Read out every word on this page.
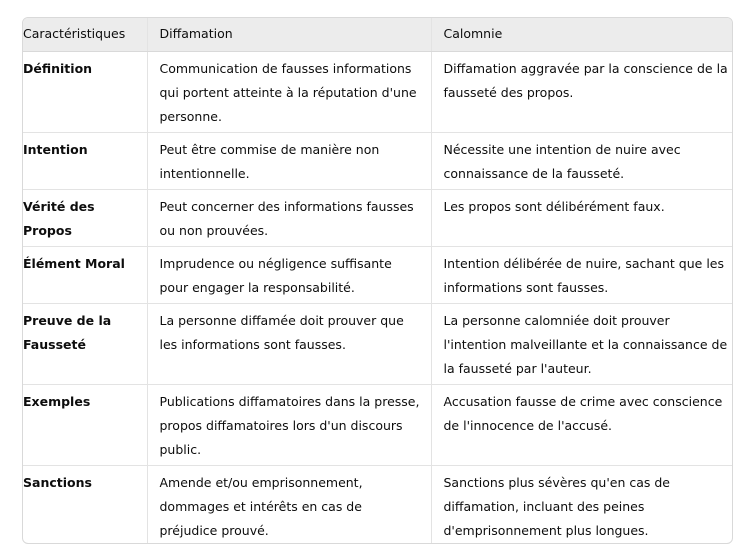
Caractéristiques	Diffamation	Calomnie

Définition	Communication de fausses informations qui portent atteinte à la réputation d'une personne.	Diffamation aggravée par la conscience de la fausseté des propos.

Intention	Peut être commise de manière non intentionnelle.	Nécessite une intention de nuire avec connaissance de la fausseté.

Vérité des Propos	Peut concerner des informations fausses ou non prouvées.	Les propos sont délibérément faux.

Élément Moral	Imprudence ou négligence suffisante pour engager la responsabilité.	Intention délibérée de nuire, sachant que les informations sont fausses.

Preuve de la Fausseté	La personne diffamée doit prouver que les informations sont fausses.	La personne calomniée doit prouver l'intention malveillante et la connaissance de la fausseté par l'auteur.

Exemples	Publications diffamatoires dans la presse, propos diffamatoires lors d'un discours public.	Accusation fausse de crime avec conscience de l'innocence de l'accusé.

Sanctions	Amende et/ou emprisonnement, dommages et intérêts en cas de préjudice prouvé.	Sanctions plus sévères qu'en cas de diffamation, incluant des peines d'emprisonnement plus longues.
